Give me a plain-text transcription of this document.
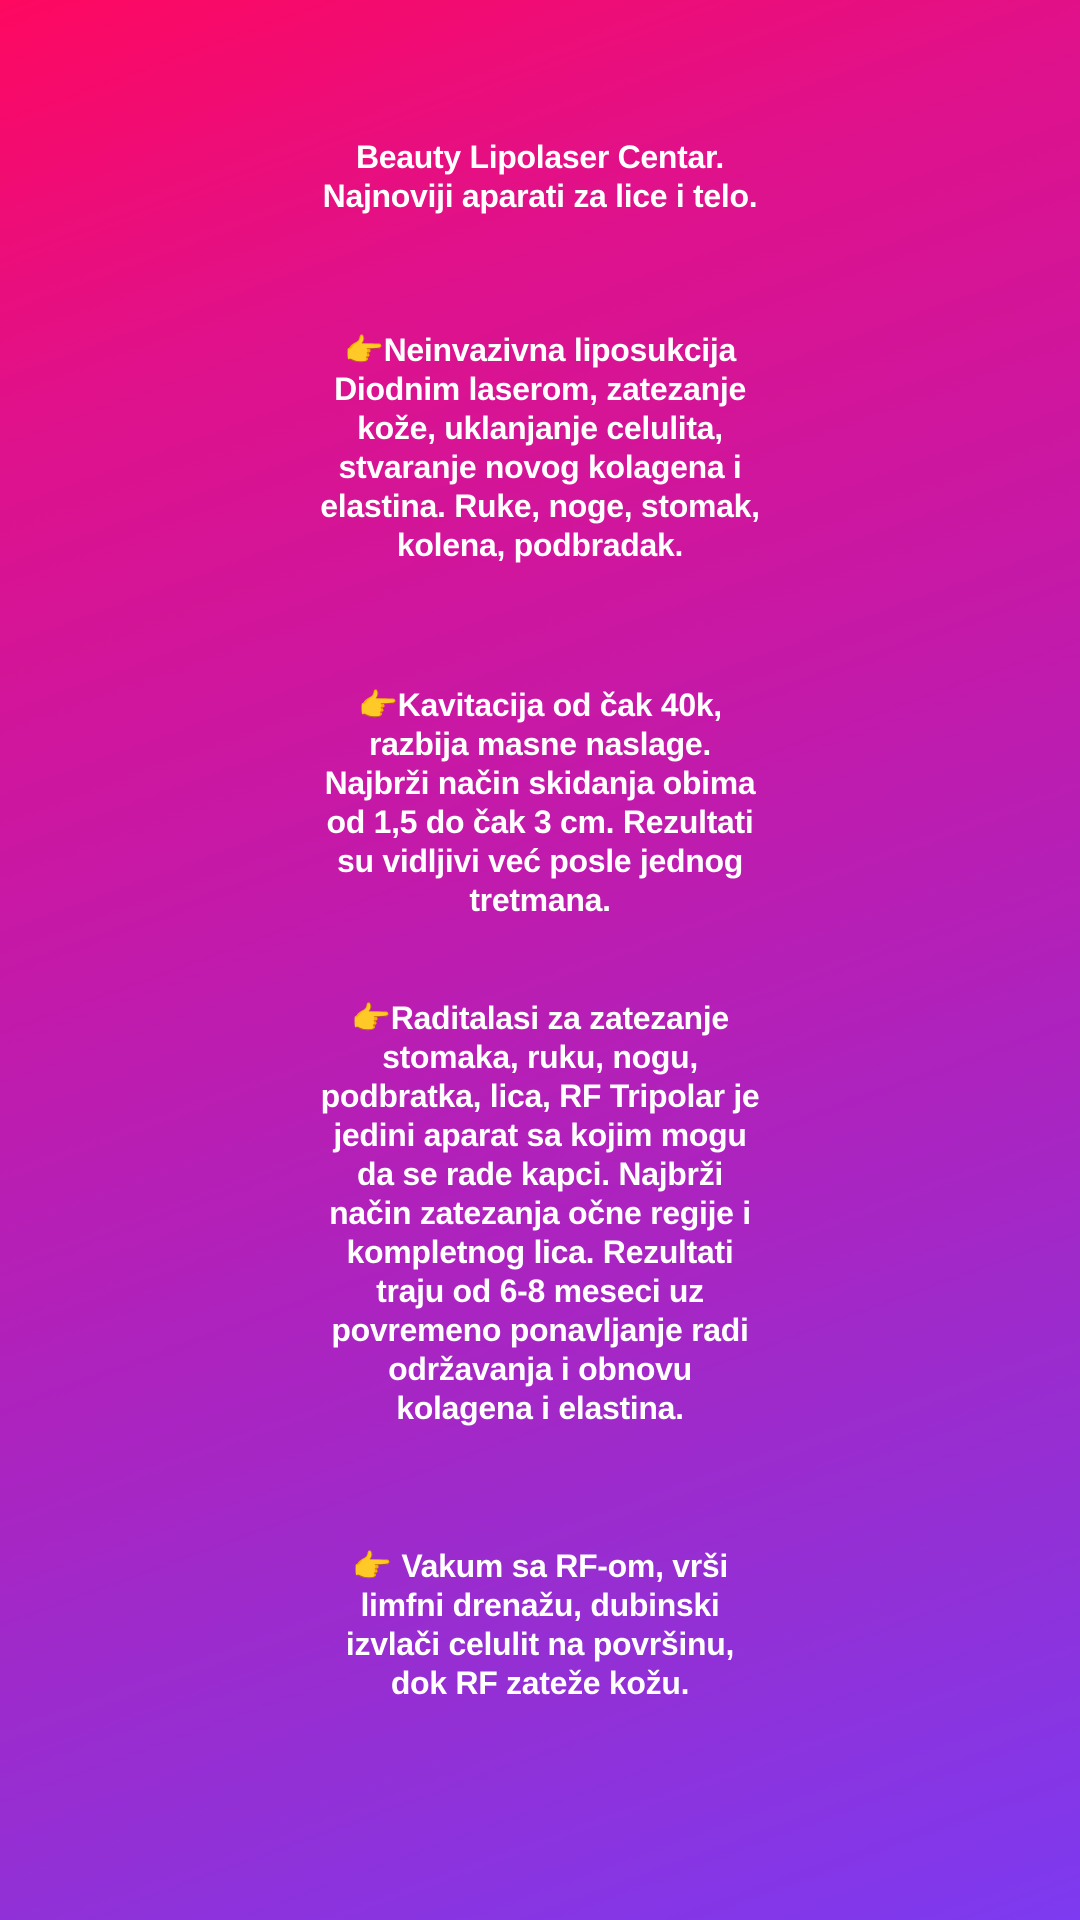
Beauty Lipolaser Centar. Najnoviji aparati za lice i telo.
👉Neinvazivna liposukcija Diodnim laserom, zatezanje kože, uklanjanje celulita, stvaranje novog kolagena i elastina. Ruke, noge, stomak, kolena, podbradak.
👉Kavitacija od čak 40k, razbija masne naslage. Najbrži način skidanja obima od 1,5 do čak 3 cm. Rezultati su vidljivi već posle jednog tretmana.
👉Raditalasi za zatezanje stomaka, ruku, nogu, podbratka, lica, RF Tripolar je jedini aparat sa kojim mogu da se rade kapci. Najbrži način zatezanja očne regije i kompletnog lica. Rezultati traju od 6-8 meseci uz povremeno ponavljanje radi održavanja i obnovu kolagena i elastina.
👉 Vakum sa RF-om, vrši limfni drenažu, dubinski izvlači celulit na površinu, dok RF zateže kožu.
